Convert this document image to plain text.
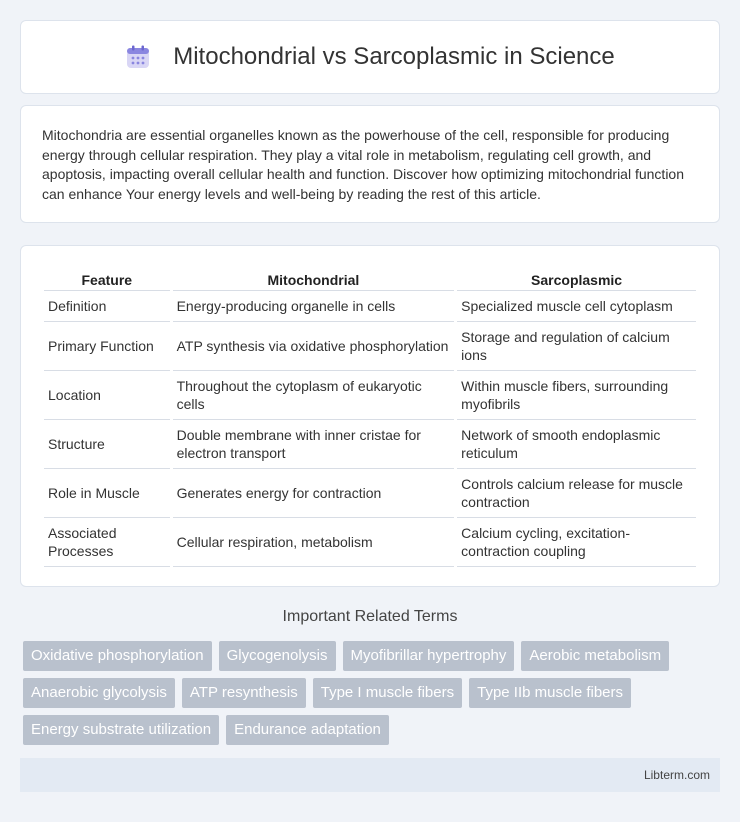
Mitochondrial vs Sarcoplasmic in Science

Mitochondria are essential organelles known as the powerhouse of the cell, responsible for producing energy through cellular respiration. They play a vital role in metabolism, regulating cell growth, and apoptosis, impacting overall cellular health and function. Discover how optimizing mitochondrial function can enhance Your energy levels and well-being by reading the rest of this article.

Feature	Mitochondrial	Sarcoplasmic
Definition	Energy-producing organelle in cells	Specialized muscle cell cytoplasm
Primary Function	ATP synthesis via oxidative phosphorylation	Storage and regulation of calcium ions
Location	Throughout the cytoplasm of eukaryotic cells	Within muscle fibers, surrounding myofibrils
Structure	Double membrane with inner cristae for electron transport	Network of smooth endoplasmic reticulum
Role in Muscle	Generates energy for contraction	Controls calcium release for muscle contraction
Associated Processes	Cellular respiration, metabolism	Calcium cycling, excitation-contraction coupling
Important Related Terms
Oxidative phosphorylation	Glycogenolysis	Myofibrillar hypertrophy	Aerobic metabolism
Anaerobic glycolysis	ATP resynthesis	Type I muscle fibers	Type IIb muscle fibers
Energy substrate utilization	Endurance adaptation
Libterm.com
